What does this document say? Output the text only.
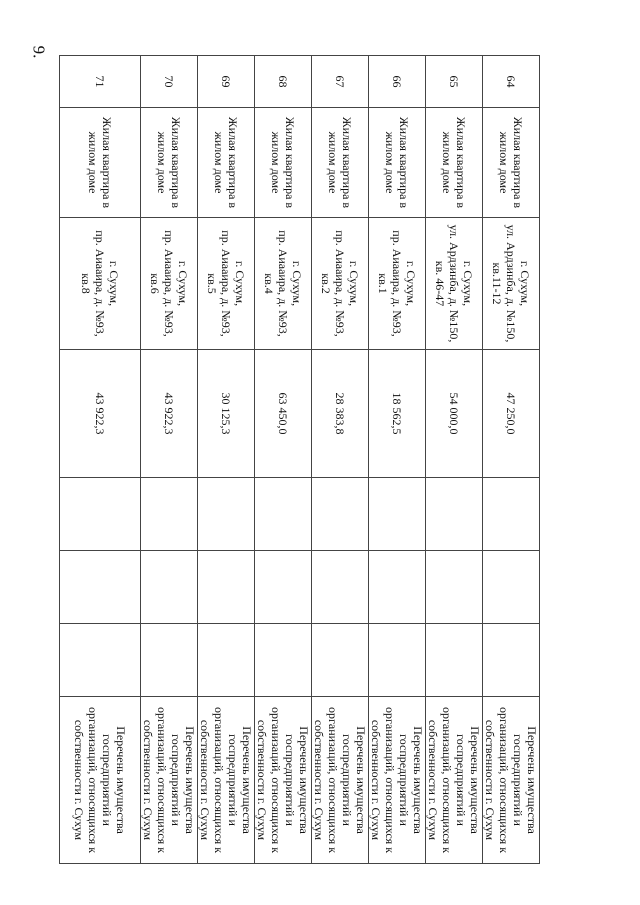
9.
64	Жилая квартира в жилом доме	г. Сухум,
ул. Ардзинба, д. №150,
кв.11-12	47 250,0				Перечень имущества госпредприятий и организаций, относящихся к собственности г. Сухум
65	Жилая квартира в жилом доме	г. Сухум,
ул. Ардзинба, д. №150,
кв. 46-47	54 000,0				Перечень имущества госпредприятий и организаций, относящихся к собственности г. Сухум
66	Жилая квартира в жилом доме	г. Сухум,
пр. Аиааира, д. №93,
кв.1	18 562,5				Перечень имущества госпредприятий и организаций, относящихся к собственности г. Сухум
67	Жилая квартира в жилом доме	г. Сухум,
пр. Аиааира, д. №93,
кв.2	28 383,8				Перечень имущества госпредприятий и организаций, относящихся к собственности г. Сухум
68	Жилая квартира в жилом доме	г. Сухум,
пр. Аиааира, д. №93,
кв.4	63 450,0				Перечень имущества госпредприятий и организаций, относящихся к собственности г. Сухум
69	Жилая квартира в жилом доме	г. Сухум,
пр. Аиааира, д. №93,
кв.5	30 125,3				Перечень имущества госпредприятий и организаций, относящихся к собственности г. Сухум
70	Жилая квартира в жилом доме	г. Сухум,
пр. Аиааира, д. №93,
кв.6	43 922,3				Перечень имущества госпредприятий и организаций, относящихся к собственности г. Сухум
71	Жилая квартира в жилом доме	г. Сухум,
пр. Аиааира, д. №93,
кв.8	43 922,3				Перечень имущества госпредприятий и организаций, относящихся к собственности г. Сухум
